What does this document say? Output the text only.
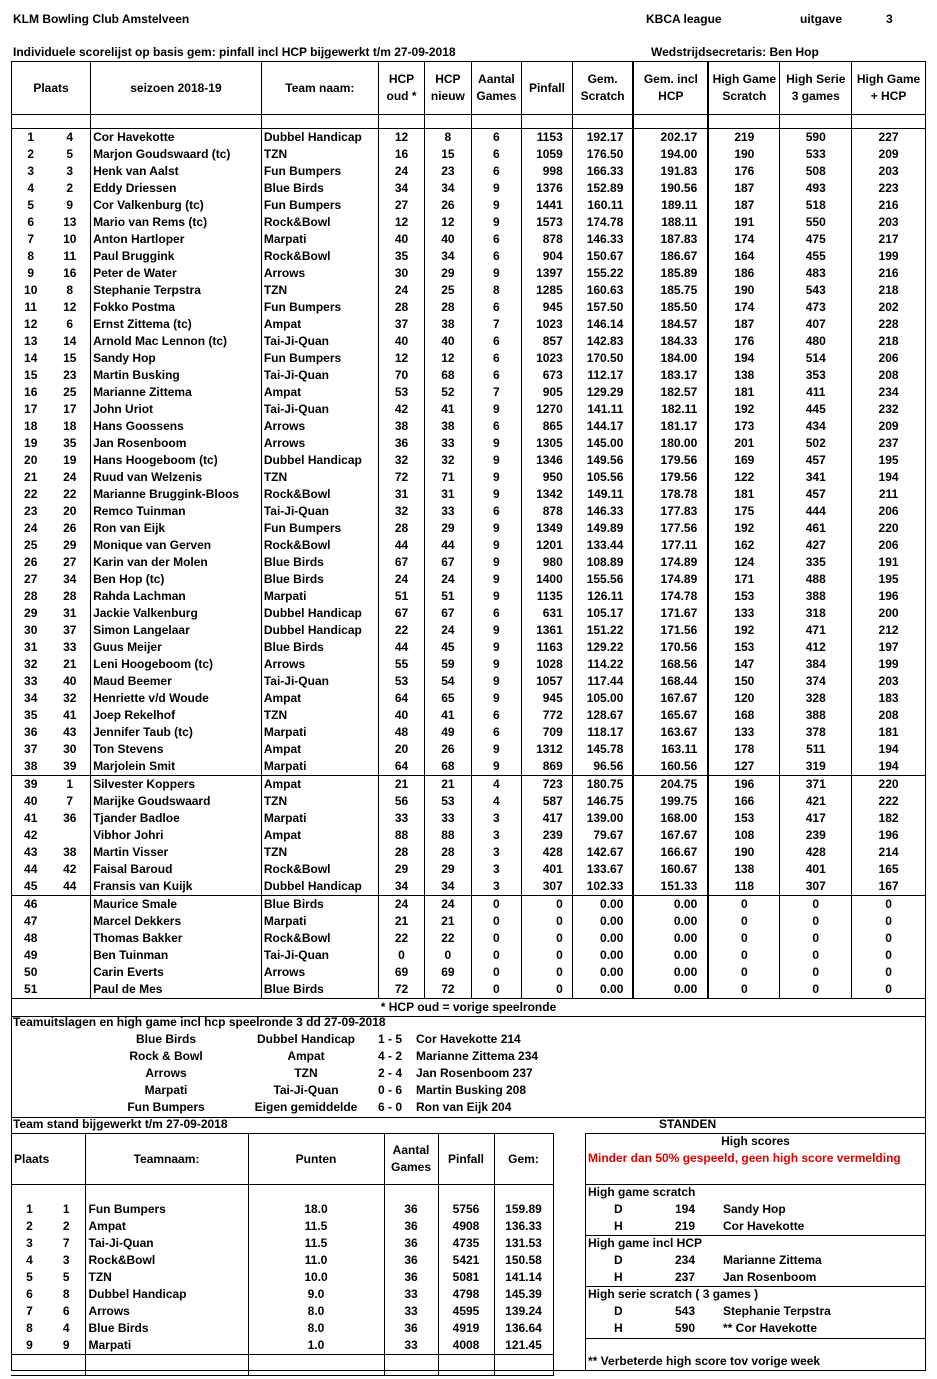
KLM Bowling Club Amstelveen	KBCA league	uitgave	3
Individuele scorelijst op basis gem: pinfall incl HCP bijgewerkt t/m 27-09-2018	Wedstrijdsecretaris: Ben Hop
Plaats		seizoen 2018-19	Team naam:	HCP oud *	HCP nieuw	Aantal Games	Pinfall	Gem. Scratch	Gem. incl HCP	High Game Scratch	High Serie 3 games	High Game + HCP

1	4	Cor Havekotte	Dubbel Handicap	12	8	6	1153	192.17	202.17	219	590	227
2	5	Marjon Goudswaard (tc)	TZN	16	15	6	1059	176.50	194.00	190	533	209
3	3	Henk van Aalst	Fun Bumpers	24	23	6	998	166.33	191.83	176	508	203
4	2	Eddy Driessen	Blue Birds	34	34	9	1376	152.89	190.56	187	493	223
5	9	Cor Valkenburg (tc)	Fun Bumpers	27	26	9	1441	160.11	189.11	187	518	216
6	13	Mario van Rems (tc)	Rock&Bowl	12	12	9	1573	174.78	188.11	191	550	203
7	10	Anton Hartloper	Marpati	40	40	6	878	146.33	187.83	174	475	217
8	11	Paul Bruggink	Rock&Bowl	35	34	6	904	150.67	186.67	164	455	199
9	16	Peter de Water	Arrows	30	29	9	1397	155.22	185.89	186	483	216
10	8	Stephanie Terpstra	TZN	24	25	8	1285	160.63	185.75	190	543	218
11	12	Fokko Postma	Fun Bumpers	28	28	6	945	157.50	185.50	174	473	202
12	6	Ernst Zittema (tc)	Ampat	37	38	7	1023	146.14	184.57	187	407	228
13	14	Arnold Mac Lennon (tc)	Tai-Ji-Quan	40	40	6	857	142.83	184.33	176	480	218
14	15	Sandy Hop	Fun Bumpers	12	12	6	1023	170.50	184.00	194	514	206
15	23	Martin Busking	Tai-Ji-Quan	70	68	6	673	112.17	183.17	138	353	208
16	25	Marianne Zittema	Ampat	53	52	7	905	129.29	182.57	181	411	234
17	17	John Uriot	Tai-Ji-Quan	42	41	9	1270	141.11	182.11	192	445	232
18	18	Hans Goossens	Arrows	38	38	6	865	144.17	181.17	173	434	209
19	35	Jan Rosenboom	Arrows	36	33	9	1305	145.00	180.00	201	502	237
20	19	Hans Hoogeboom (tc)	Dubbel Handicap	32	32	9	1346	149.56	179.56	169	457	195
21	24	Ruud van Welzenis	TZN	72	71	9	950	105.56	179.56	122	341	194
22	22	Marianne Bruggink-Bloos	Rock&Bowl	31	31	9	1342	149.11	178.78	181	457	211
23	20	Remco Tuinman	Tai-Ji-Quan	32	33	6	878	146.33	177.83	175	444	206
24	26	Ron van Eijk	Fun Bumpers	28	29	9	1349	149.89	177.56	192	461	220
25	29	Monique van Gerven	Rock&Bowl	44	44	9	1201	133.44	177.11	162	427	206
26	27	Karin van der Molen	Blue Birds	67	67	9	980	108.89	174.89	124	335	191
27	34	Ben Hop (tc)	Blue Birds	24	24	9	1400	155.56	174.89	171	488	195
28	28	Rahda Lachman	Marpati	51	51	9	1135	126.11	174.78	153	388	196
29	31	Jackie Valkenburg	Dubbel Handicap	67	67	6	631	105.17	171.67	133	318	200
30	37	Simon Langelaar	Dubbel Handicap	22	24	9	1361	151.22	171.56	192	471	212
31	33	Guus Meijer	Blue Birds	44	45	9	1163	129.22	170.56	153	412	197
32	21	Leni Hoogeboom (tc)	Arrows	55	59	9	1028	114.22	168.56	147	384	199
33	40	Maud Beemer	Tai-Ji-Quan	53	54	9	1057	117.44	168.44	150	374	203
34	32	Henriette v/d Woude	Ampat	64	65	9	945	105.00	167.67	120	328	183
35	41	Joep Rekelhof	TZN	40	41	6	772	128.67	165.67	168	388	208
36	43	Jennifer Taub (tc)	Marpati	48	49	6	709	118.17	163.67	133	378	181
37	30	Ton Stevens	Ampat	20	26	9	1312	145.78	163.11	178	511	194
38	39	Marjolein Smit	Marpati	64	68	9	869	96.56	160.56	127	319	194
39	1	Silvester Koppers	Ampat	21	21	4	723	180.75	204.75	196	371	220
40	7	Marijke Goudswaard	TZN	56	53	4	587	146.75	199.75	166	421	222
41	36	Tjander Badloe	Marpati	33	33	3	417	139.00	168.00	153	417	182
42		Vibhor Johri	Ampat	88	88	3	239	79.67	167.67	108	239	196
43	38	Martin Visser	TZN	28	28	3	428	142.67	166.67	190	428	214
44	42	Faisal Baroud	Rock&Bowl	29	29	3	401	133.67	160.67	138	401	165
45	44	Fransis van Kuijk	Dubbel Handicap	34	34	3	307	102.33	151.33	118	307	167
46		Maurice Smale	Blue Birds	24	24	0	0	0.00	0.00	0	0	0
47		Marcel Dekkers	Marpati	21	21	0	0	0.00	0.00	0	0	0
48		Thomas Bakker	Rock&Bowl	22	22	0	0	0.00	0.00	0	0	0
49		Ben Tuinman	Tai-Ji-Quan	0	0	0	0	0.00	0.00	0	0	0
50		Carin Everts	Arrows	69	69	0	0	0.00	0.00	0	0	0
51		Paul de Mes	Blue Birds	72	72	0	0	0.00	0.00	0	0	0
* HCP oud = vorige speelronde												
Teamuitslagen en high game incl hcp speelronde 3 dd 27-09-2018
Blue Birds	Dubbel Handicap	1 - 5	Cor Havekotte 214
Rock & Bowl	Ampat	4 - 2	Marianne Zittema 234
Arrows	TZN	2 - 4	Jan Rosenboom 237
Marpati	Tai-Ji-Quan	0 - 6	Martin Busking 208
Fun Bumpers	Eigen gemiddelde	6 - 0	Ron van Eijk 204
Team stand bijgewerkt t/m 27-09-2018	STANDEN
Plaats		Teamnaam:	Punten	Aantal Games	Pinfall	Gem:

1	1	Fun Bumpers	18.0	36	5756	159.89
2	2	Ampat	11.5	36	4908	136.33
3	7	Tai-Ji-Quan	11.5	36	4735	131.53
4	3	Rock&Bowl	11.0	36	5421	150.58
5	5	TZN	10.0	36	5081	141.14
6	8	Dubbel Handicap	9.0	33	4798	145.39
7	6	Arrows	8.0	33	4595	139.24
8	4	Blue Birds	8.0	36	4919	136.64
9	9	Marpati	1.0	33	4008	121.45

High scores
Minder dan 50% gespeeld, geen high score vermelding
High game scratch
D	194 Sandy Hop
H	219 Cor Havekotte
High game incl HCP
D	234 Marianne Zittema
H	237 Jan Rosenboom
High serie scratch ( 3 games )
D	543 Stephanie Terpstra
H	590 ** Cor Havekotte
** Verbeterde high score tov vorige week
